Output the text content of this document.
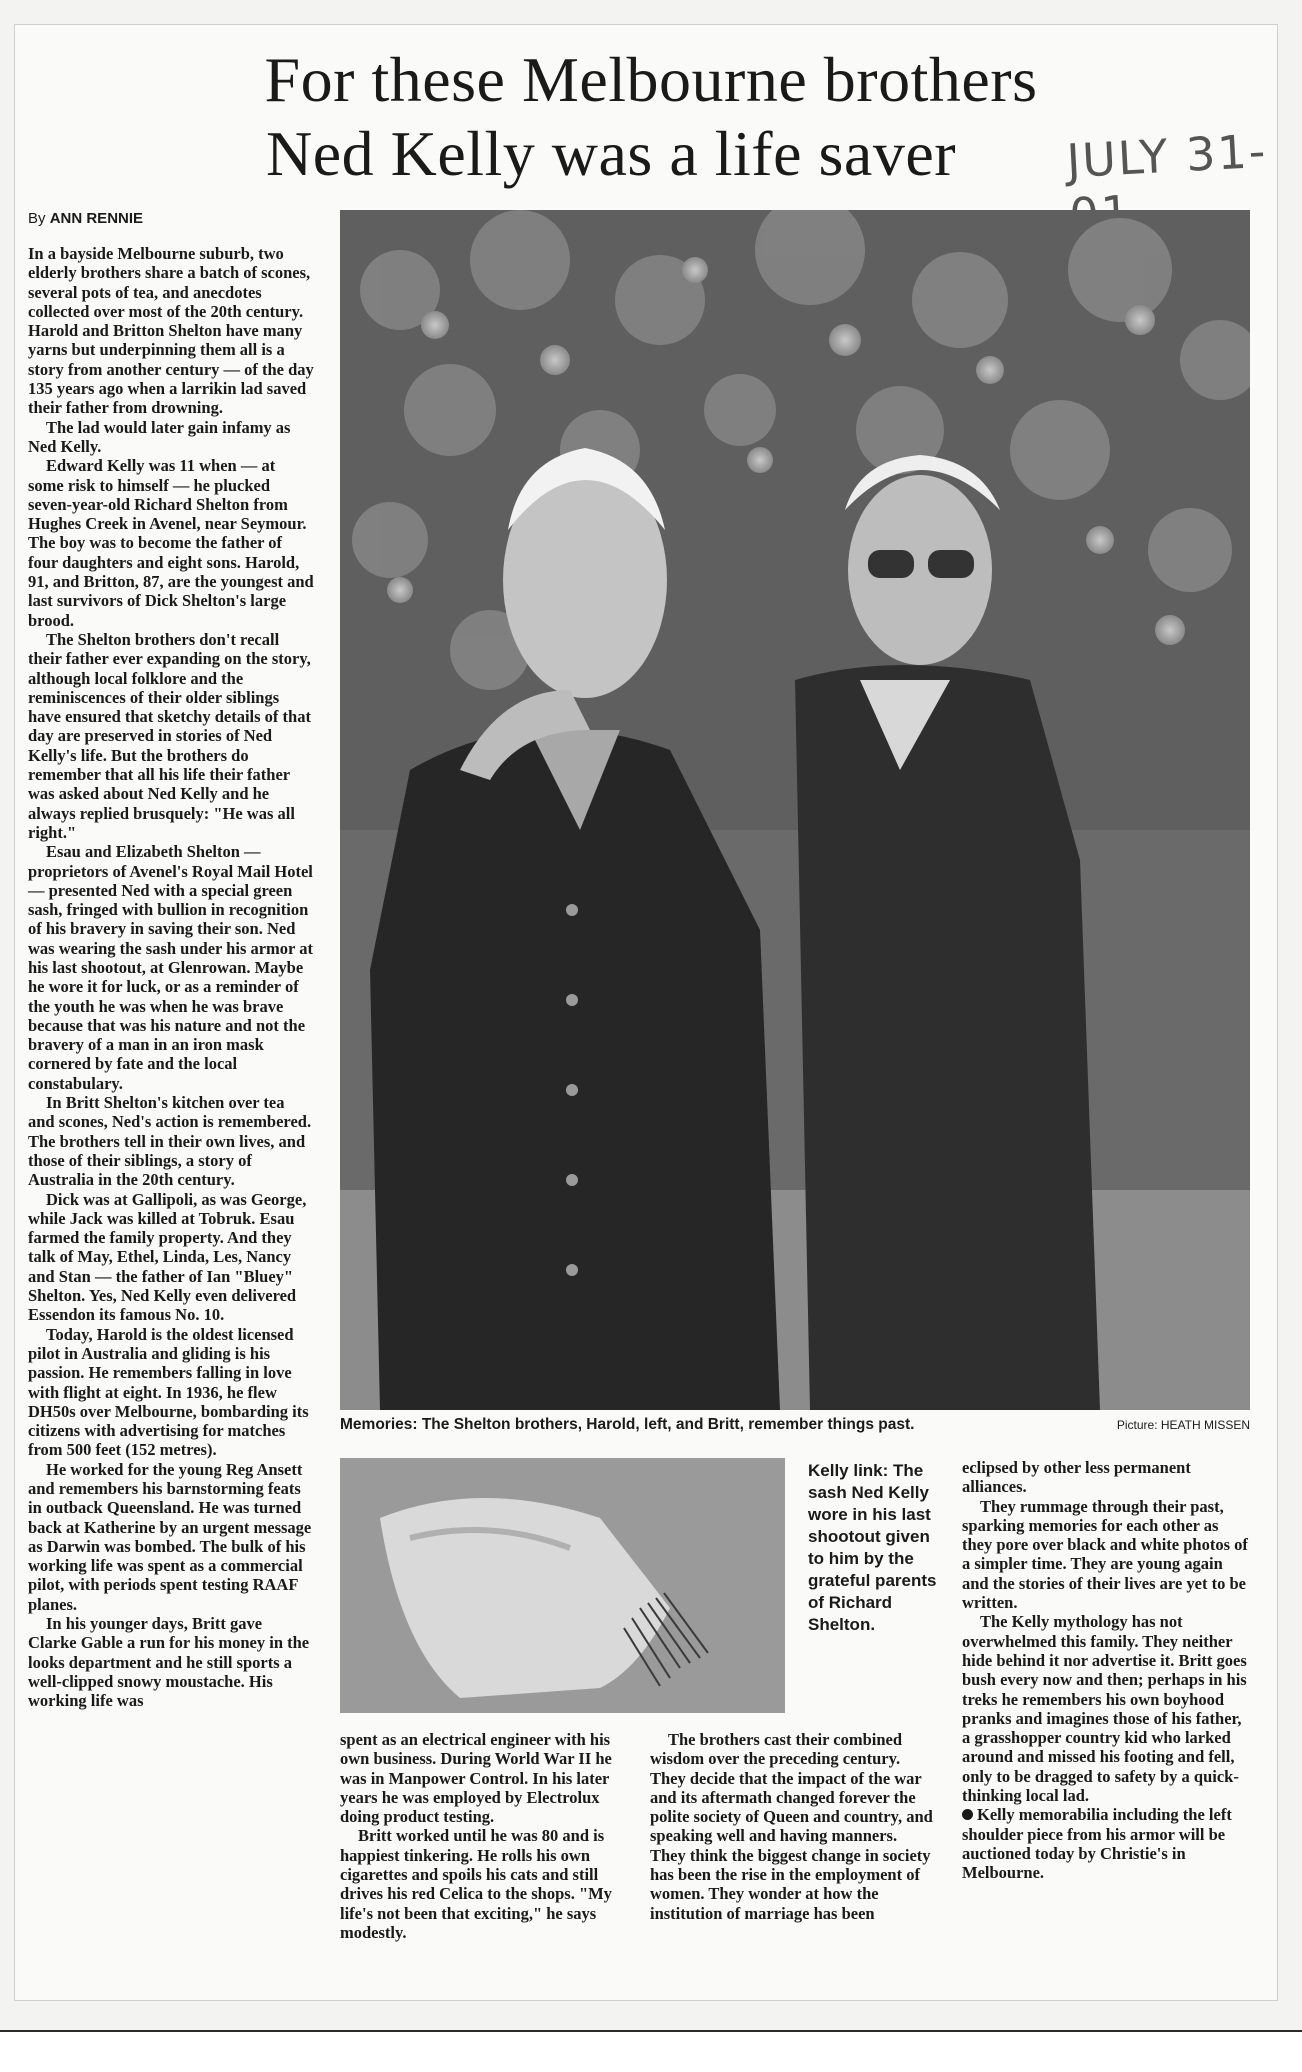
For these Melbourne brothers
Ned Kelly was a life saver	JULY 31-01
By ANN RENNIE

In a bayside Melbourne suburb, two elderly brothers share a batch of scones, several pots of tea, and anecdotes collected over most of the 20th century. Harold and Britton Shelton have many yarns but underpinning them all is a story from another century — of the day 135 years ago when a larrikin lad saved their father from drowning.

The lad would later gain infamy as Ned Kelly.

Edward Kelly was 11 when — at some risk to himself — he plucked seven-year-old Richard Shelton from Hughes Creek in Avenel, near Seymour. The boy was to become the father of four daughters and eight sons. Harold, 91, and Britton, 87, are the youngest and last survivors of Dick Shelton's large brood.

The Shelton brothers don't recall their father ever expanding on the story, although local folklore and the reminiscences of their older siblings have ensured that sketchy details of that day are preserved in stories of Ned Kelly's life. But the brothers do remember that all his life their father was asked about Ned Kelly and he always replied brusquely: "He was all right."

Esau and Elizabeth Shelton — proprietors of Avenel's Royal Mail Hotel — presented Ned with a special green sash, fringed with bullion in recognition of his bravery in saving their son. Ned was wearing the sash under his armor at his last shootout, at Glenrowan. Maybe he wore it for luck, or as a reminder of the youth he was when he was brave because that was his nature and not the bravery of a man in an iron mask cornered by fate and the local constabulary.

In Britt Shelton's kitchen over tea and scones, Ned's action is remembered. The brothers tell in their own lives, and those of their siblings, a story of Australia in the 20th century.

Dick was at Gallipoli, as was George, while Jack was killed at Tobruk. Esau farmed the family property. And they talk of May, Ethel, Linda, Les, Nancy and Stan — the father of Ian "Bluey" Shelton. Yes, Ned Kelly even delivered Essendon its famous No. 10.

Today, Harold is the oldest licensed pilot in Australia and gliding is his passion. He remembers falling in love with flight at eight. In 1936, he flew DH50s over Melbourne, bombarding its citizens with advertising for matches from 500 feet (152 metres).

He worked for the young Reg Ansett and remembers his barnstorming feats in outback Queensland. He was turned back at Katherine by an urgent message as Darwin was bombed. The bulk of his working life was spent as a commercial pilot, with periods spent testing RAAF planes.

In his younger days, Britt gave Clarke Gable a run for his money in the looks department and he still sports a well-clipped snowy moustache. His working life was

Memories: The Shelton brothers, Harold, left, and Britt, remember things past.	Picture: HEATH MISSEN
Kelly link: The sash Ned Kelly wore in his last shootout given to him by the grateful parents of Richard Shelton.

spent as an electrical engineer with his own business. During World War II he was in Manpower Control. In his later years he was employed by Electrolux doing product testing.

Britt worked until he was 80 and is happiest tinkering. He rolls his own cigarettes and spoils his cats and still drives his red Celica to the shops. "My life's not been that exciting," he says modestly.

The brothers cast their combined wisdom over the preceding century. They decide that the impact of the war and its aftermath changed forever the polite society of Queen and country, and speaking well and having manners. They think the biggest change in society has been the rise in the employment of women. They wonder at how the institution of marriage has been

eclipsed by other less permanent alliances.

They rummage through their past, sparking memories for each other as they pore over black and white photos of a simpler time. They are young again and the stories of their lives are yet to be written.

The Kelly mythology has not overwhelmed this family. They neither hide behind it nor advertise it. Britt goes bush every now and then; perhaps in his treks he remembers his own boyhood pranks and imagines those of his father, a grasshopper country kid who larked around and missed his footing and fell, only to be dragged to safety by a quick-thinking local lad.

Kelly memorabilia including the left shoulder piece from his armor will be auctioned today by Christie's in Melbourne.
